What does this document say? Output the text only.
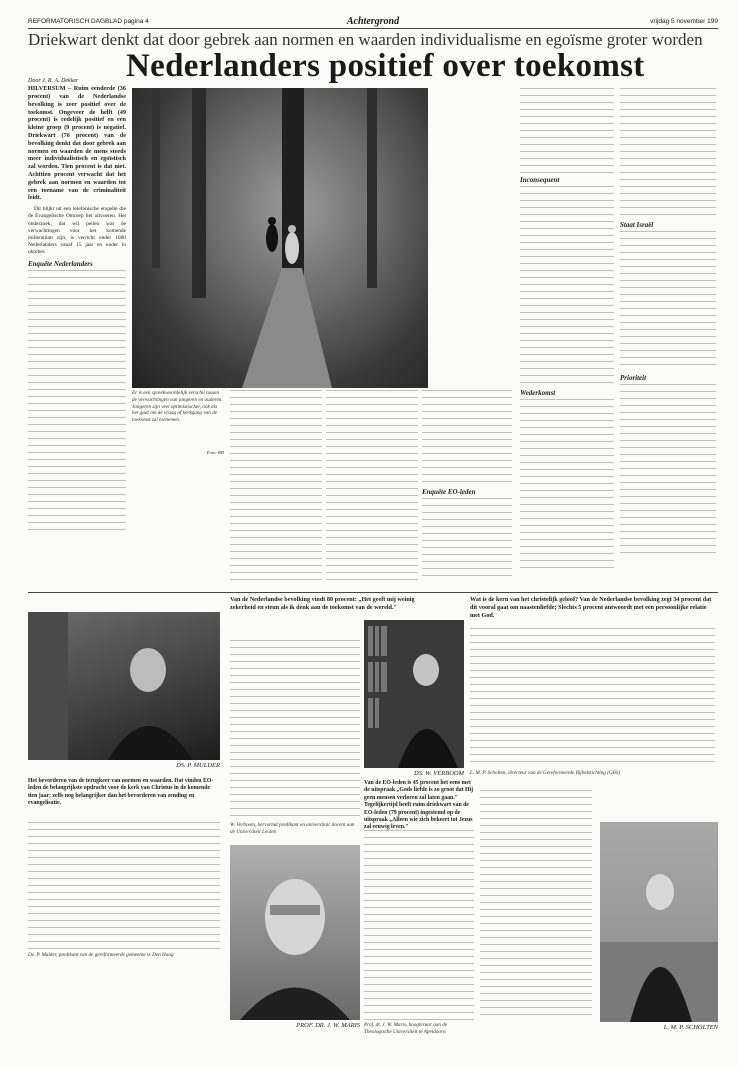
REFORMATORISCH DAGBLAD pagina 4	Achtergrond	vrijdag 5 november 199
Driekwart denkt dat door gebrek aan normen en waarden individualisme en egoïsme groter worden
Nederlanders positief over toekomst
Door J. R. A. Dekker
HILVERSUM – Ruim eenderde (36 procent) van de Nederlandse bevolking is zeer positief over de toekomst. Ongeveer de helft (49 procent) is redelijk positief en een kleine groep (9 procent) is negatief. Driekwart (76 procent) van de bevolking denkt dat door gebrek aan normen en waarden de mens steeds meer individualistisch en egoïstisch zal worden. Tien procent is dat niet. Achttien procent verwacht dat het gebrek aan normen en waarden tot een toename van de criminaliteit leidt.

Dit blijkt uit een telefonische enquête die de Evangelische Omroep liet uitvoeren. Het onderzoek, dat wil peilen wat de verwachtingen voor het komende millennium zijn, is verricht onder 1000 Nederlanders vanaf 15 jaar en ouder in oktober.

Enquête Nederlanders
Er is een spreekwoordelijk verschil tussen de verwachtingen van jongeren en ouderen. Jongeren zijn veel optimistischer, ook als het gaat om de vraag of kerkgang van de toekomst zal toenemen.
Foto: RD
Enquête EO-leden
Inconsequent
Wederkomst
Staat Israël
Prioriteit
Van de Nederlandse bevolking vindt 80 procent: „Het geeft mij weinig zekerheid en steun als ik denk aan de toekomst van de wereld."
Wat is de kern van het christelijk geloof? Van de Nederlandse bevolking zegt 34 procent dat dit vooral gaat om naastenliefde; Slechts 5 procent antwoordt met een persoonlijke relatie met God.
DS. P. MULDER
Het bevorderen van de terugkeer van normen en waarden. Dat vinden EO-leden de belangrijkste opdracht voor de kerk van Christus in de komende tien jaar; zelfs nog belangrijker dan het bevorderen van zending en evangelisatie.
Ds. P. Mulder, predikant van de gereformeerde gemeente te Den Haag
W. Verboom, hervormd predikant en universitair docent aan de Universiteit Leiden
DS. W. VERBOOM
Van de EO-leden is 45 procent het eens met de uitspraak „Gods liefde is zo groot dat Hij geen mensen verloren zal laten gaan." Tegelijkertijd heeft ruim driekwart van de EO-leden (79 procent) ingestemd op de uitspraak „Alleen wie zich bekeert tot Jezus zal eeuwig leven."
L. M. P. Scholten, directeur van de Gereformeerde Bijbelstichting (GBS)
PROF. DR. J. W. MARIS Prof. dr. J. W. Maris, hoogleraar aan de Theologische Universiteit te Apeldoorn
L. M. P. SCHOLTEN
